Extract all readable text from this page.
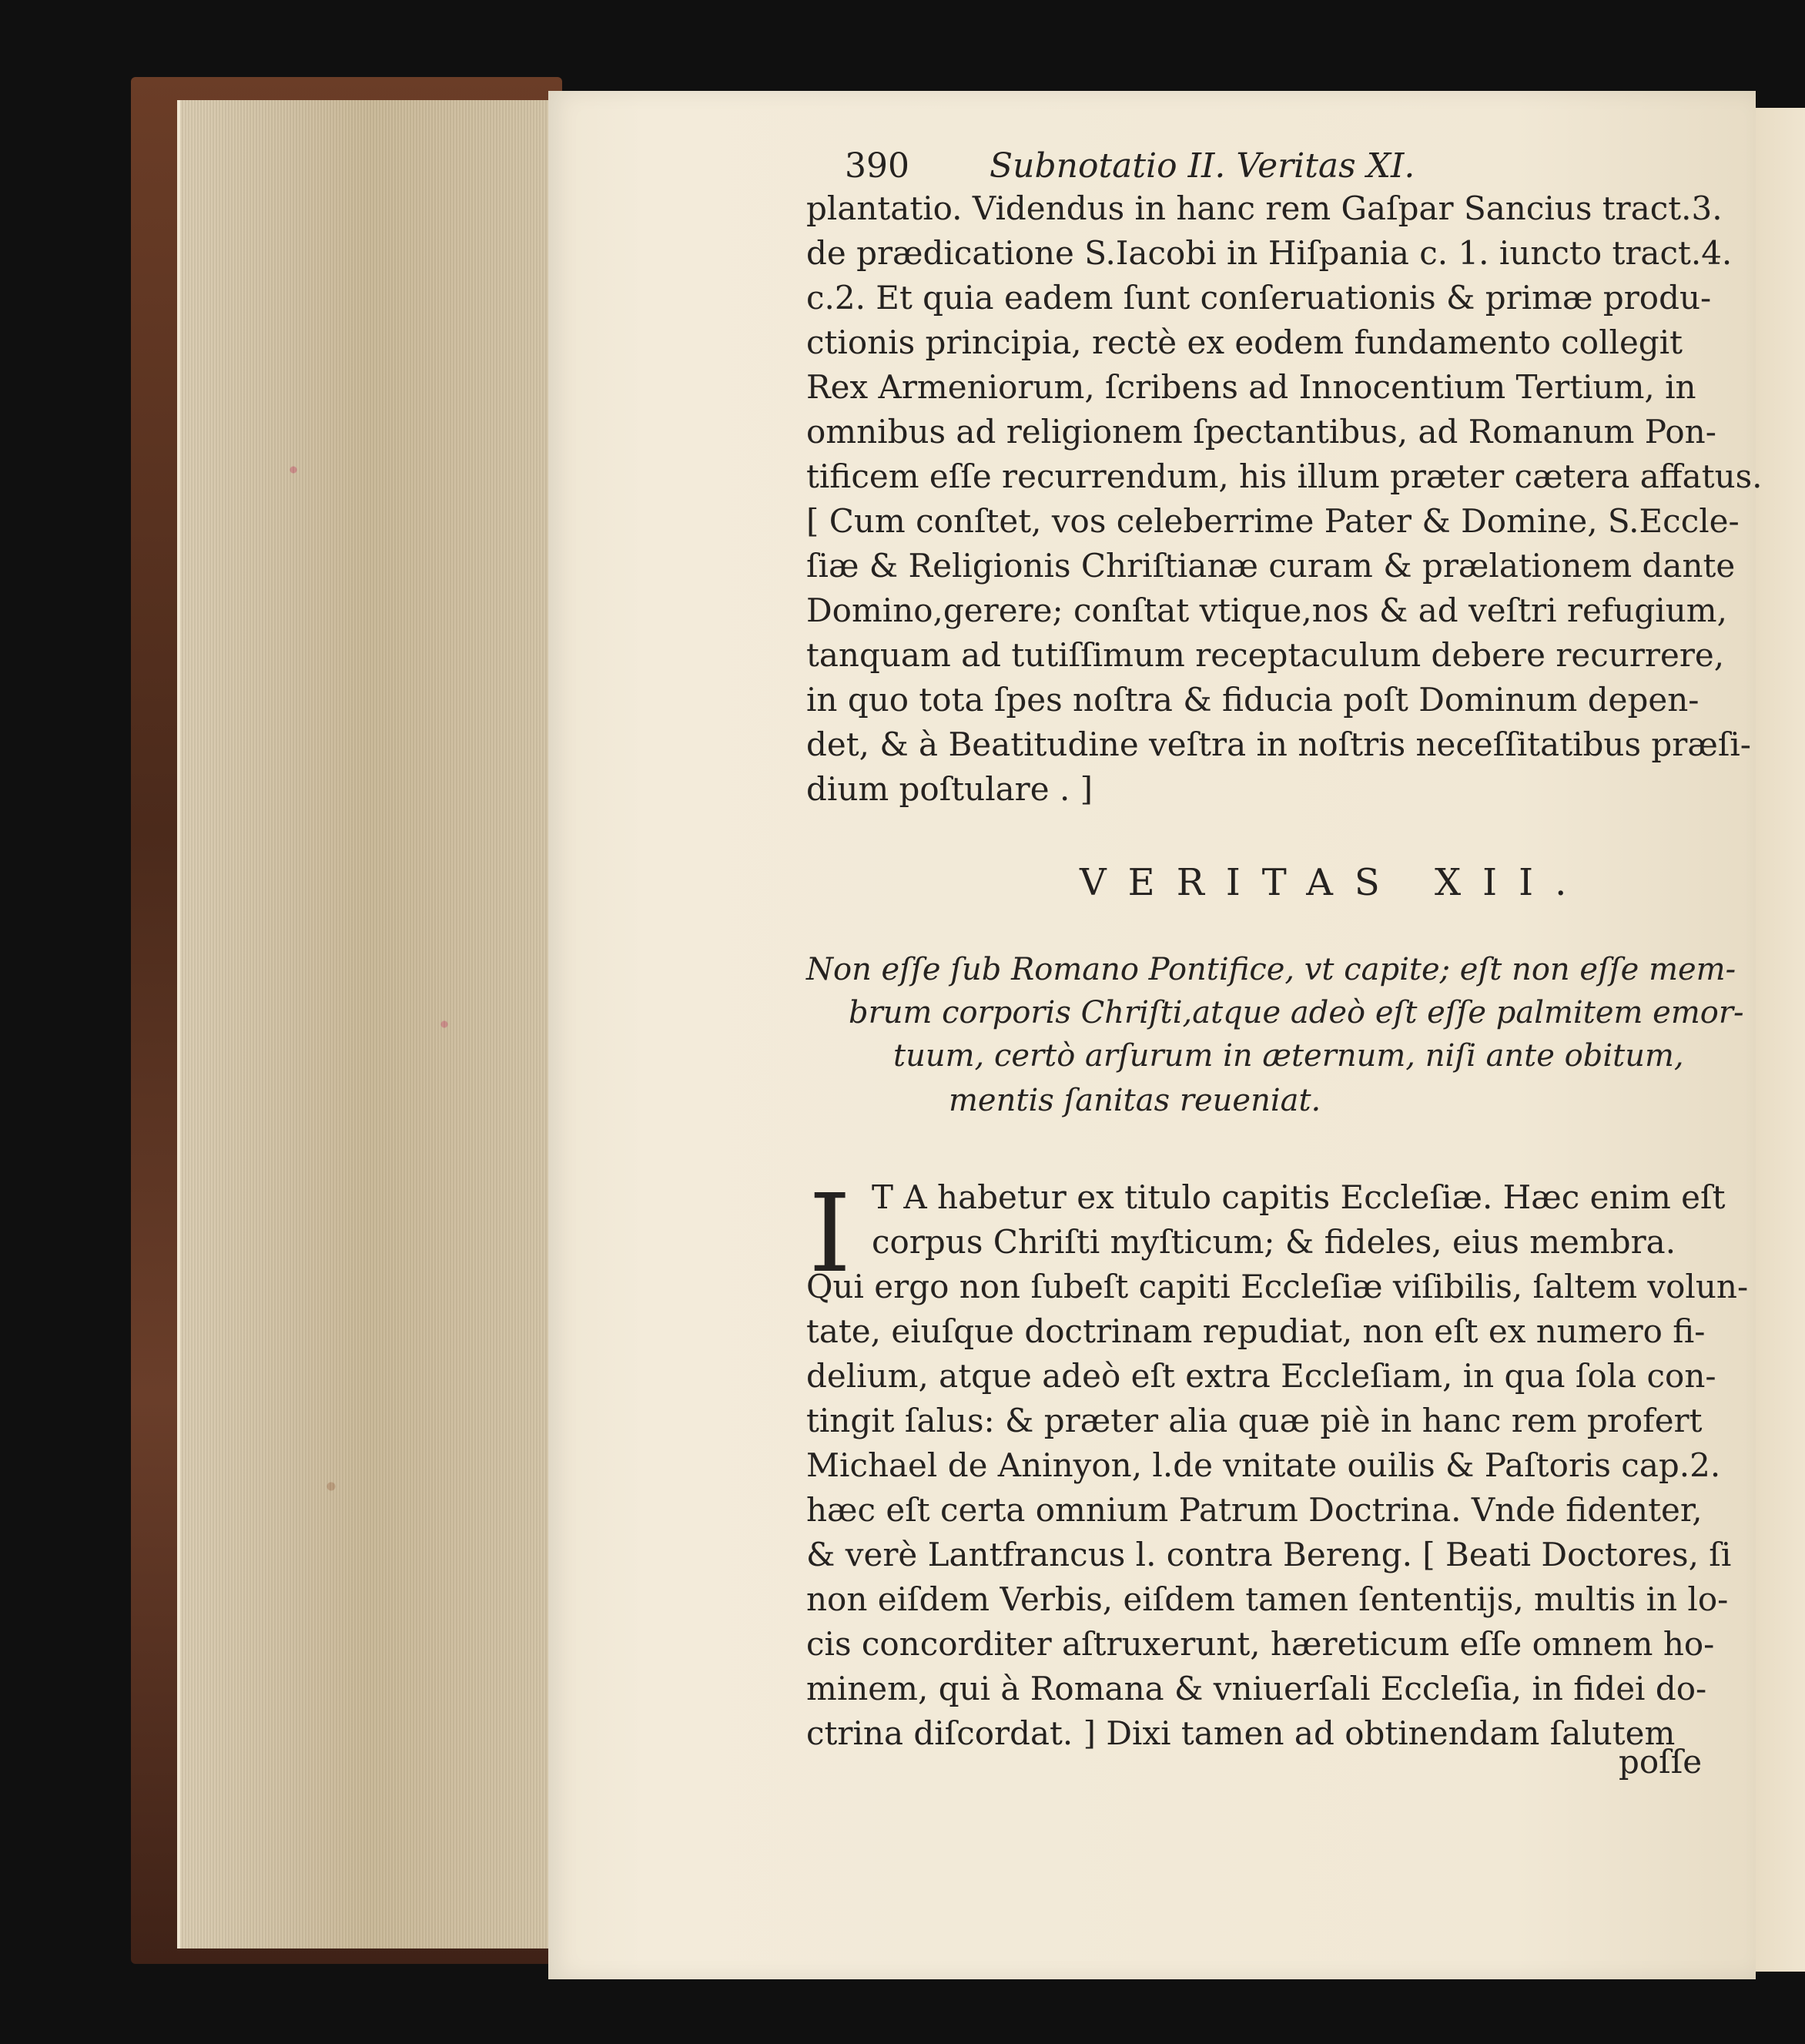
390 Subnotatio II. Veritas XI.
plantatio. Videndus in hanc rem Gaſpar Sancius tract.3.
de prædicatione S.Iacobi in Hiſpania c. 1. iuncto tract.4.
c.2. Et quia eadem ſunt conſeruationis & primæ produ-
ctionis principia, rectè ex eodem fundamento collegit
Rex Armeniorum, ſcribens ad Innocentium Tertium, in
omnibus ad religionem ſpectantibus, ad Romanum Pon-
tificem eſſe recurrendum, his illum præter cætera affatus.
[ Cum conſtet, vos celeberrime Pater & Domine, S.Eccle-
ſiæ & Religionis Chriſtianæ curam & prælationem dante
Domino,gerere; conſtat vtique,nos & ad veſtri refugium,
tanquam ad tutiſſimum receptaculum debere recurrere,
in quo tota ſpes noſtra & fiducia poſt Dominum depen-
det, & à Beatitudine veſtra in noſtris neceſſitatibus præſi-
dium poſtulare . ]
VERITAS XII.
Non eſſe ſub Romano Pontifice, vt capite; eſt non eſſe mem-
brum corporis Chriſti,atque adeò eſt eſſe palmitem emor-
tuum, certò arſurum in æternum, niſi ante obitum,
mentis ſanitas reueniat.
I T A habetur ex titulo capitis Eccleſiæ. Hæc enim eſt
corpus Chriſti myſticum; & fideles, eius membra.
Qui ergo non ſubeſt capiti Eccleſiæ viſibilis, ſaltem volun-
tate, eiuſque doctrinam repudiat, non eſt ex numero fi-
delium, atque adeò eſt extra Eccleſiam, in qua ſola con-
tingit ſalus: & præter alia quæ piè in hanc rem profert
Michael de Aninyon, l.de vnitate ouilis & Paſtoris cap.2.
hæc eſt certa omnium Patrum Doctrina. Vnde fidenter,
& verè Lantfrancus l. contra Bereng. [ Beati Doctores, ſi
non eiſdem Verbis, eiſdem tamen ſententijs, multis in lo-
cis concorditer aſtruxerunt, hæreticum eſſe omnem ho-
minem, qui à Romana & vniuerſali Eccleſia, in fidei do-
ctrina diſcordat. ] Dixi tamen ad obtinendam ſalutem
poſſe
